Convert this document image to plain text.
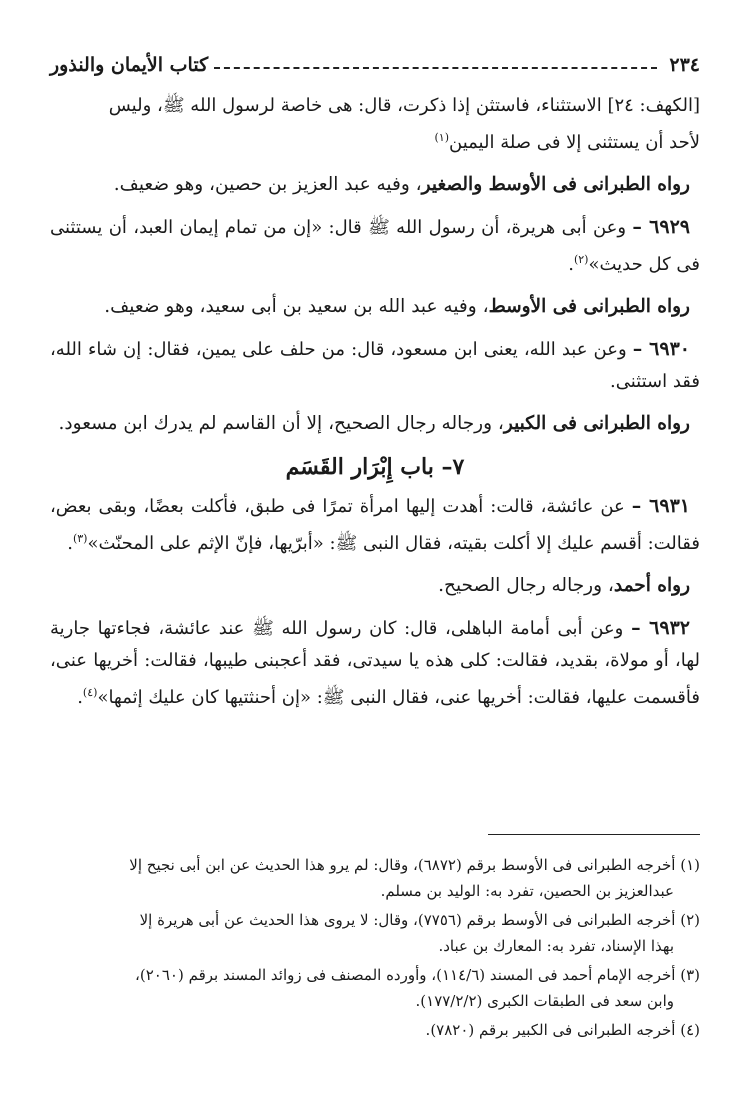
٢٣٤
كتاب الأيمان والنذور

[الكهف: ٢٤] الاستثناء، فاستثن إذا ذكرت، قال: هى خاصة لرسول الله ﷺ، وليس
لأحد أن يستثنى إلا فى صلة اليمين$^{(١)}$

رواه الطبرانى فى الأوسط والصغير، وفيه عبد العزيز بن حصين، وهو ضعيف.

٦٩٢٩ – وعن أبى هريرة، أن رسول الله ﷺ قال: «إن من تمام إيمان العبد، أن يستثنى فى كل حديث»$^{(٢)}$.

رواه الطبرانى فى الأوسط، وفيه عبد الله بن سعيد بن أبى سعيد، وهو ضعيف.

٦٩٣٠ – وعن عبد الله، يعنى ابن مسعود، قال: من حلف على يمين، فقال: إن شاء الله، فقد استثنى.

رواه الطبرانى فى الكبير، ورجاله رجال الصحيح، إلا أن القاسم لم يدرك ابن مسعود.

٧– باب إِبْرَار القَسَم

٦٩٣١ – عن عائشة، قالت: أهدت إليها امرأة تمرًا فى طبق، فأكلت بعضًا، وبقى بعض، فقالت: أقسم عليك إلا أكلت بقيته، فقال النبى ﷺ: «أبرّيها، فإنّ الإثم على المحنّث»$^{(٣)}$.

رواه أحمد، ورجاله رجال الصحيح.

٦٩٣٢ – وعن أبى أمامة الباهلى، قال: كان رسول الله ﷺ عند عائشة، فجاءتها جارية لها، أو مولاة، بقديد، فقالت: كلى هذه يا سيدتى، فقد أعجبنى طيبها، فقالت: أخريها عنى، فأقسمت عليها، فقالت: أخريها عنى، فقال النبى ﷺ: «إن أحنثتيها كان عليك إثمها»$^{(٤)}$.

(١) أخرجه الطبرانى فى الأوسط برقم (٦٨٧٢)، وقال: لم يرو هذا الحديث عن ابن أبى نجيح إلا
عبدالعزيز بن الحصين، تفرد به: الوليد بن مسلم.
(٢) أخرجه الطبرانى فى الأوسط برقم (٧٧٥٦)، وقال: لا يروى هذا الحديث عن أبى هريرة إلا
بهذا الإسناد، تفرد به: المعارك بن عباد.
(٣) أخرجه الإمام أحمد فى المسند (١١٤/٦)، وأورده المصنف فى زوائد المسند برقم (٢٠٦٠)،
وابن سعد فى الطبقات الكبرى (١٧٧/٢/٢).
(٤) أخرجه الطبرانى فى الكبير برقم (٧٨٢٠).
